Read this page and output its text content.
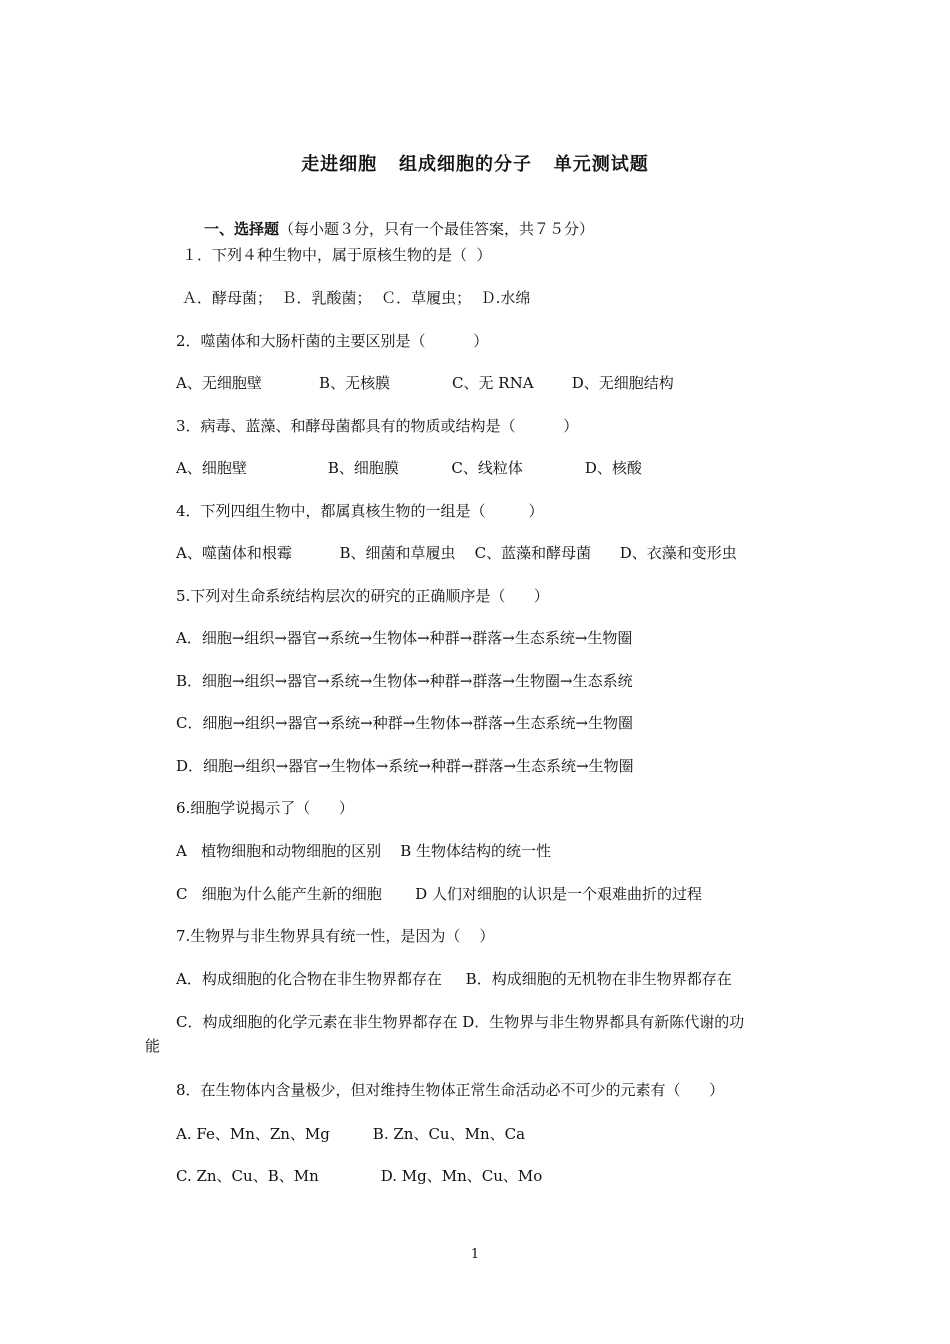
走进细胞   组成细胞的分子   单元测试题
一、选择题（每小题３分，只有一个最佳答案，共７５分）
１．下列４种生物中，属于原核生物的是（  ）
Ａ．酵母菌；  Ｂ．乳酸菌；  Ｃ．草履虫；  Ｄ.水绵
2．噬菌体和大肠杆菌的主要区别是（          ）
A、无细胞壁            B、无核膜             C、无 RNA        D、无细胞结构
3．病毒、蓝藻、和酵母菌都具有的物质或结构是（          ）
A、细胞壁                 B、细胞膜           C、线粒体             D、核酸
4．下列四组生物中，都属真核生物的一组是（         ）
A、噬菌体和根霉          B、细菌和草履虫    C、蓝藻和酵母菌      D、衣藻和变形虫
5.下列对生命系统结构层次的研究的正确顺序是（      ）
A．细胞→组织→器官→系统→生物体→种群→群落→生态系统→生物圈
B．细胞→组织→器官→系统→生物体→种群→群落→生物圈→生态系统
C．细胞→组织→器官→系统→种群→生物体→群落→生态系统→生物圈
D．细胞→组织→器官→生物体→系统→种群→群落→生态系统→生物圈
6.细胞学说揭示了（      ）
A   植物细胞和动物细胞的区别    B 生物体结构的统一性
C   细胞为什么能产生新的细胞       D 人们对细胞的认识是一个艰难曲折的过程
7.生物界与非生物界具有统一性，是因为（    ）
A．构成细胞的化合物在非生物界都存在     B．构成细胞的无机物在非生物界都存在
C．构成细胞的化学元素在非生物界都存在 D．生物界与非生物界都具有新陈代谢的功
能
8．在生物体内含量极少，但对维持生物体正常生命活动必不可少的元素有（      ）
A. Fe、Mn、Zn、Mg         B. Zn、Cu、Mn、Ca
C. Zn、Cu、B、Mn             D. Mg、Mn、Cu、Mo
1
